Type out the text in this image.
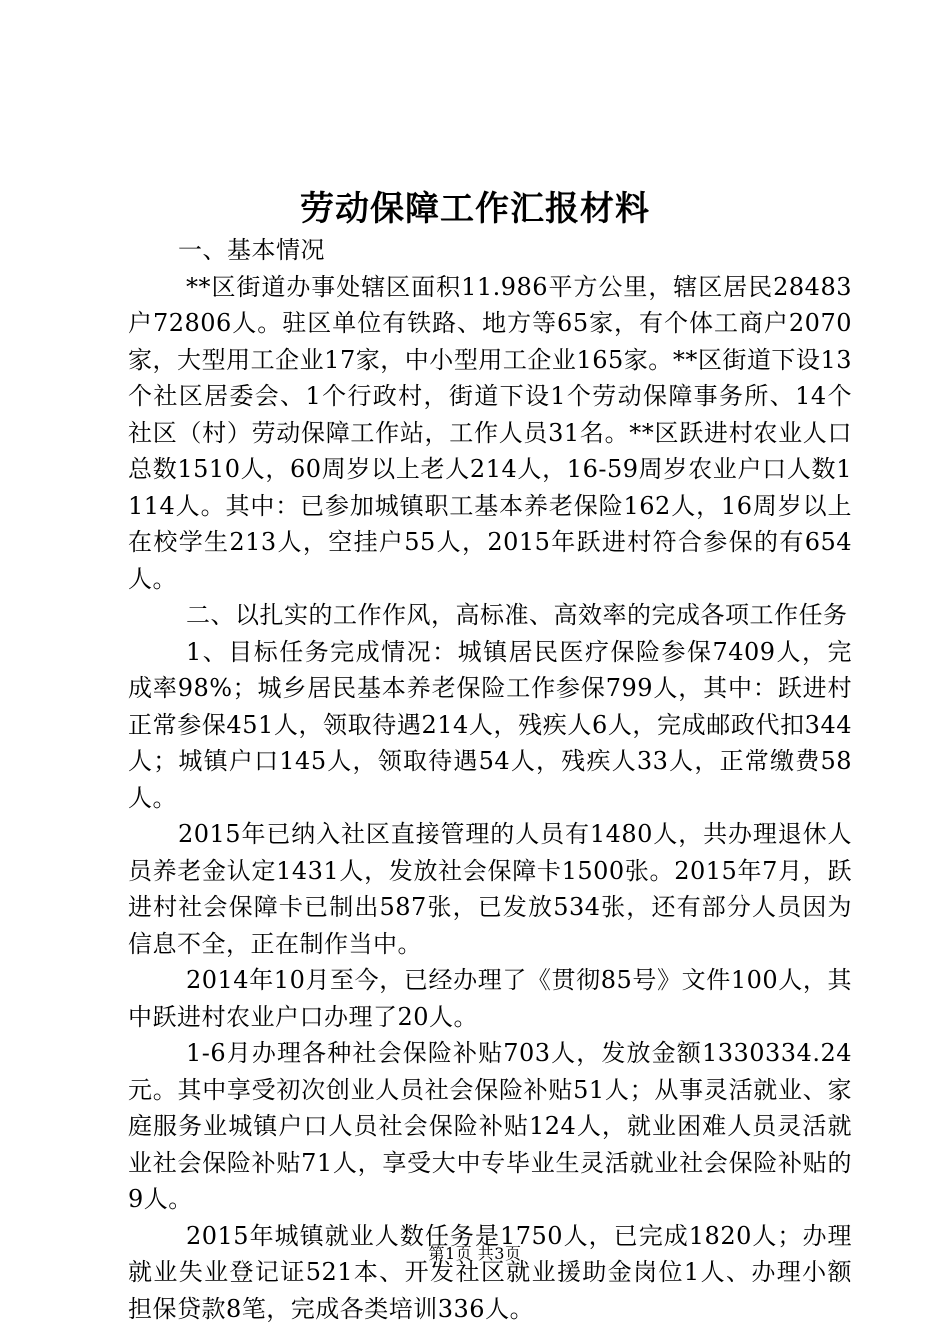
劳动保障工作汇报材料

一、基本情况

**区街道办事处辖区面积11.986平方公里，辖区居民28483户72806人。驻区单位有铁路、地方等65家，有个体工商户2070家，大型用工企业17家，中小型用工企业165家。**区街道下设13个社区居委会、1个行政村，街道下设1个劳动保障事务所、14个社区（村）劳动保障工作站，工作人员31名。**区跃进村农业人口总数1510人，60周岁以上老人214人，16-59周岁农业户口人数1114人。其中：已参加城镇职工基本养老保险162人，16周岁以上在校学生213人，空挂户55人，2015年跃进村符合参保的有654人。

二、以扎实的工作作风，高标准、高效率的完成各项工作任务

1、目标任务完成情况：城镇居民医疗保险参保7409人，完成率98%；城乡居民基本养老保险工作参保799人，其中：跃进村正常参保451人，领取待遇214人，残疾人6人，完成邮政代扣344人；城镇户口145人，领取待遇54人，残疾人33人，正常缴费58人。

2015年已纳入社区直接管理的人员有1480人，共办理退休人员养老金认定1431人，发放社会保障卡1500张。2015年7月，跃进村社会保障卡已制出587张，已发放534张，还有部分人员因为信息不全，正在制作当中。

2014年10月至今，已经办理了《贯彻85号》文件100人，其中跃进村农业户口办理了20人。

1-6月办理各种社会保险补贴703人，发放金额1330334.24元。其中享受初次创业人员社会保险补贴51人；从事灵活就业、家庭服务业城镇户口人员社会保险补贴124人，就业困难人员灵活就业社会保险补贴71人，享受大中专毕业生灵活就业社会保险补贴的9人。

2015年城镇就业人数任务是1750人，已完成1820人；办理就业失业登记证521本、开发社区就业援助金岗位1人、办理小额担保贷款8笔，完成各类培训336人。

第1页 共3页
